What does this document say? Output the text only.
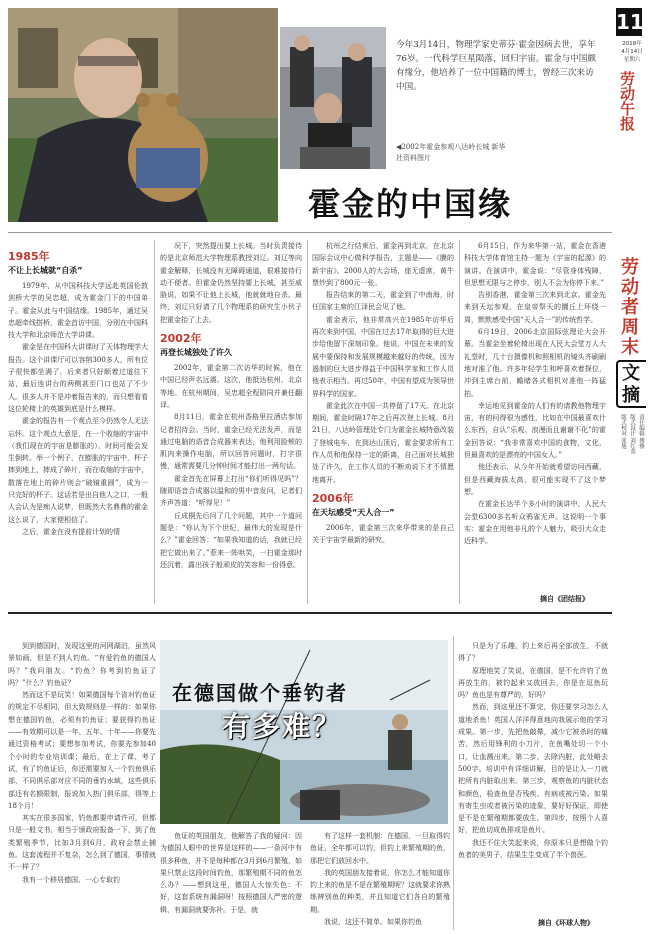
11
2018年
4月14日
星期六
劳动午报
劳
动
者
周
末
文
摘
责任编辑 傅雅
版式设计 刘红英
版式校对 张旭
今年3月14日，物理学家史蒂芬·霍金因病去世，享年76岁。一代科学巨星陨落，回归宇宙。霍金与中国颇有缘分，他培养了一位中国籍的博士，曾经三次来访中国。
◀2002年霍金参观八达岭长城 新华社资料图片
霍金的中国缘
1985年
不让上长城就“自杀”

1979年，从中国科技大学远赴英国伦敦剑桥大学的吴忠超，成为霍金门下的中国弟子。霍金从此与中国结缘。1985年，通过吴忠超牵线搭桥，霍金首访中国，分别在中国科技大学和北京师范大学讲课。

霍金是在中国科大讲课时了天体物理学大报告。这个讲课厅可以容纳300多人，所有位子很快都坐满了，后来者只好顺着过道往下站，最后连讲台的两侧甚至门口也站了不少人。很多人并不是冲着报告来的，而只想看看这位轮椅上的英雄到底是什么模样。

霍金的报告有一个观点至今仍然令人无法忘怀。这个观点大意是，在一个收缩的宇宙中（我们现在的宇宙是膨胀的），时间可能会发生倒转。举一个例子，在膨胀的宇宙中，杯子摔到地上，摔成了碎片，而在收缩的宇宙中，散落在地上的碎片则会“破镜重圆”，成为一只完好的杯子。这话若是出自他人之口，一般人会认为是痴人说梦，但既然大名鼎鼎的霍金这么说了，大家便相信了。

之后，霍金在没有提前计划的情

况下，突然提出要上长城。当时负责接待的是北京师范大学物理系教授刘辽。刘辽等向霍金解释，长城没有无障碍通道，很难接待行动不便者。但霍金仍然坚持要上长城，甚至威胁说，如果不让他上长城，他就就地自杀。最终，刘辽只好请了几个物理系的研究生小伙子把霍金抬了上去。

2002年
再登长城独处了许久

2002年，霍金第二次访华的时候，他在中国已经声名远震。这次，他抵达杭州、北京等地。在杭州期间，吴忠超全程陪同并兼任翻译。

8月11日，霍金在杭州香格里拉酒店参加记者招待会。当时，霍金已经无法发声，而是通过电脑的语音合成器来表达，他利用脸颊的肌肉来操作电脑，所以回答问题时，打字很慢，通常需要几分钟时间才能打出一两句话。

霍金首先在屏幕上打出“你们听得见吗”？随即语音合成器以温和的男中音发问，记者们齐声答道：“听得见！”

丘成桐先后问了几个问题，其中一个道问题是：“你认为下个世纪，最伟大的发现是什么？”霍金回答：“如果我知道的话，我就已经把它做出来了。”惹来一阵哄笑，一扫霍金那时还沉着，露出孩子般顽皮的笑容和一份得意。

杭州之行结束后，霍金再到北京，在北京国际会议中心做科学报告，主题是——《膜的新宇宙》。2000人的大会场，座无虚席，黄牛票炒到了800元一张。

报告结束的第二天，霍金到了中南海，时任国家主席的江泽民会见了他。

霍金表示，他非常高兴在1985年访华后再次来到中国，中国在过去17年取得的巨大进步给他留下深刻印象。他说，中国在未来的发展中要保持和发展规模越来越好的传统，因为遏制的巨大进步得益于中国科学家和工作人员他表示相当。再过50年，中国有望成为领导世界科学的国家。

霍金此次在中国一共停留了17天。在北京期间，霍金时隔17年之后再次登上长城。8月21日，八达岭管理处专门为霍金长城特意改装了登城电车，在到达山顶后，霍金要求所有工作人员和他保持一定的距离，自己面对长城独处了许久，在工作人员的不断劝说下才不情愿地离开。

2006年
在天坛感受“天人合一”

2006年，霍金第三次来华带来的是自己关于宇宙学最新的研究。

6月15日，作为来华第一站，霍金在香港科技大学体育馆主持一题为《宇宙的起源》的演讲。在演讲中，霍金说：“尽管身体残障，但思想无限与之停步，别人不会为你停下来。”

告别香港，霍金第三次来到北京。霍金先来到天坛参观，在皇帝祭天的圜丘上环绕一周，默默感受中国“天人合一”的传统哲学。

6月19日，2006北京国际弦理论大会开幕。当霍金坐着轮椅出现在人民大会堂万人大礼堂时，几十台摄像机和照相机的镜头齐刷刷地对准了他。许多年轻学生和呼喜欢着探位，冲到主席台前，瞻睹各式相机对准他一阵猛拍。

幸运地见到霍金的人们有的请教他物理宇宙，有的问得很为感性，比如在中国最喜欢什么东西，自认“乐观、浪漫而且谢谢不化”的霍金回答说：“我非常喜欢中国的食物，文化，但最喜欢的是漂亮的中国女人。”

他还表示，从今年开始就希望访问西藏，但是西藏海拔太高，很可能实现不了这个梦想。

在霍金长达半个多小时的演讲中，人民大会堂6300多名听众鸦雀无声。这说明一个事实：霍金在用他非凡的个人魅力，吸引大众走近科学。

摘自《团结报》

到到德国时，发现这里的河网湖泊，虽然风景如画，但是不到人钓鱼。“有爱钓鱼的德国人吗？”我问朋友。“钓鱼？你考到钓鱼证了吗？”什么？钓鱼证？

然而这不是玩笑！如果德国每个省对钓鱼证的规定不尽相同，但大致规则是一样的：如果你想在德国钓鱼，必须有钓鱼证；要获得钓鱼证——有效期可以是一年、五年、十年——你要先通过资格考试；要想参加考试，你要先参加40个小时的专业培训课；最后，在上了课、考了试，有了钓鱼证后，你还需要加入一个钓鱼俱乐部，不同俱乐部对应不同的垂钓水域，这些俱乐部还有名额限制，报说加入热门俱乐部，得等上18个月！

其实在很多国家，钓鱼都要申请许可，但都只是一般文书，相当于颁政府报备一下，到了鱼类繁殖季节，比如3月到6月，政府会禁止捕鱼。这套流程并不复杂，怎么到了德国，事情就不一样了？

我有一个移居德国、一心专取钓

在德国做个垂钓者
有多难？

鱼证的英国朋友，他解答了我的疑问：因为德国人眼中的世界是这样的——一条河中有很多种鱼，并不是每种都在3月到6月繁殖，如果只禁止这段时间钓鱼，那繁殖期不同的鱼怎么办？——想到这里，德国人大惊失色：不好，这套系统有漏洞呀！按照德国人严密的逻辑，有漏洞就要弥补。于是，就

有了这样一套机制：在德国，一旦取得钓鱼证，全年都可以钓，但钓上来繁殖期的鱼，那把它们放回水中。

我的英国朋友接着说，你怎么才能知道你钓上来的鱼是不是在繁殖期呢？这就要求你熟练辨别鱼的种类，并且知道它们各自的繁殖期。

我说，这还不简单。如果你钓鱼

只是为了乐趣，钓上来后再全部放生，不就得了？

原理地笑了笑说，在德国，是不允许钓了鱼再放生的，被钓起来又放回去，你是在逗鱼玩吗？鱼也是有尊严的，好吗？

然而，到这里还不算完，你还要学习怎么人道地杀鱼！英国人洋洋得意地向我展示他的学习成果。第一步，先把鱼敲晕，减少它被杀时的痛苦，然后用锋利的小刀片，在鱼嘴处切一个小口，让血溅出来。第二步，去除内脏，此处略去500字。培训中有详细讲解，目的是让人一刀就把所有内脏取出来。第三步，观察鱼的内脏状态和颜色，检查鱼是否残疾、有病或被污染。如果有寄生虫或者被污染的迹象，要好好保证，即使是不是在繁殖期都要放生，第四步，按照个人喜好，把鱼切成鱼排或是鱼片。

我还不住大笑起来说，你原本只是想做个钓鱼者的美男子，结果生生变成了半个兽医。

摘自《环球人物》
